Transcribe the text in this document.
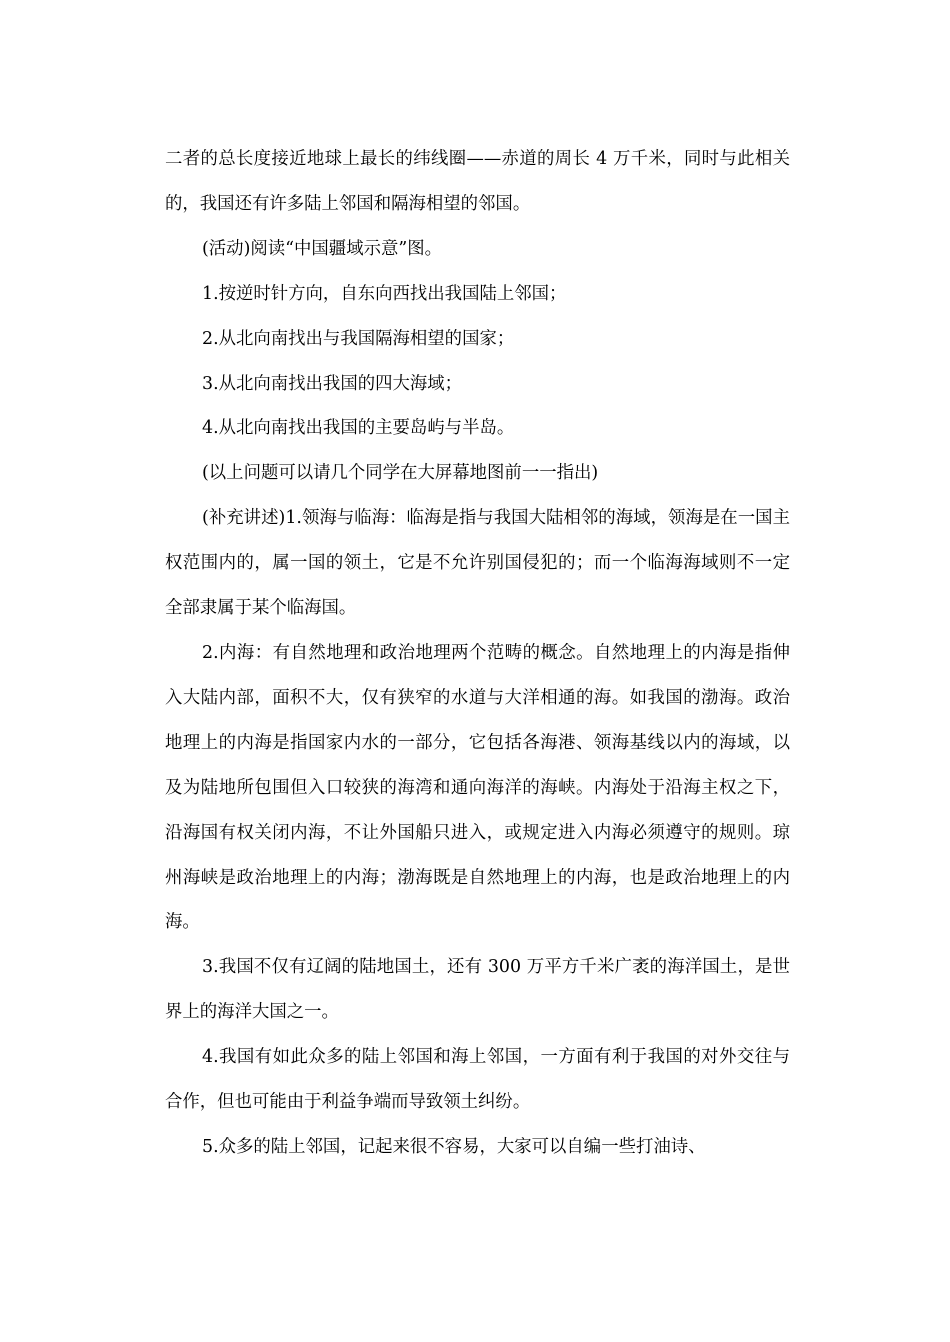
二者的总长度接近地球上最长的纬线圈——赤道的周长 4 万千米，同时与此相关的，我国还有许多陆上邻国和隔海相望的邻国。

(活动)阅读“中国疆域示意”图。

1.按逆时针方向，自东向西找出我国陆上邻国；

2.从北向南找出与我国隔海相望的国家；

3.从北向南找出我国的四大海域；

4.从北向南找出我国的主要岛屿与半岛。

(以上问题可以请几个同学在大屏幕地图前一一指出)

(补充讲述)1.领海与临海：临海是指与我国大陆相邻的海域，领海是在一国主权范围内的，属一国的领土，它是不允许别国侵犯的；而一个临海海域则不一定全部隶属于某个临海国。

2.内海：有自然地理和政治地理两个范畴的概念。自然地理上的内海是指伸入大陆内部，面积不大，仅有狭窄的水道与大洋相通的海。如我国的渤海。政治地理上的内海是指国家内水的一部分，它包括各海港、领海基线以内的海域，以及为陆地所包围但入口较狭的海湾和通向海洋的海峡。内海处于沿海主权之下，沿海国有权关闭内海，不让外国船只进入，或规定进入内海必须遵守的规则。琼州海峡是政治地理上的内海；渤海既是自然地理上的内海，也是政治地理上的内海。

3.我国不仅有辽阔的陆地国土，还有 300 万平方千米广袤的海洋国土，是世界上的海洋大国之一。

4.我国有如此众多的陆上邻国和海上邻国，一方面有利于我国的对外交往与合作，但也可能由于利益争端而导致领土纠纷。

5.众多的陆上邻国，记起来很不容易，大家可以自编一些打油诗、
